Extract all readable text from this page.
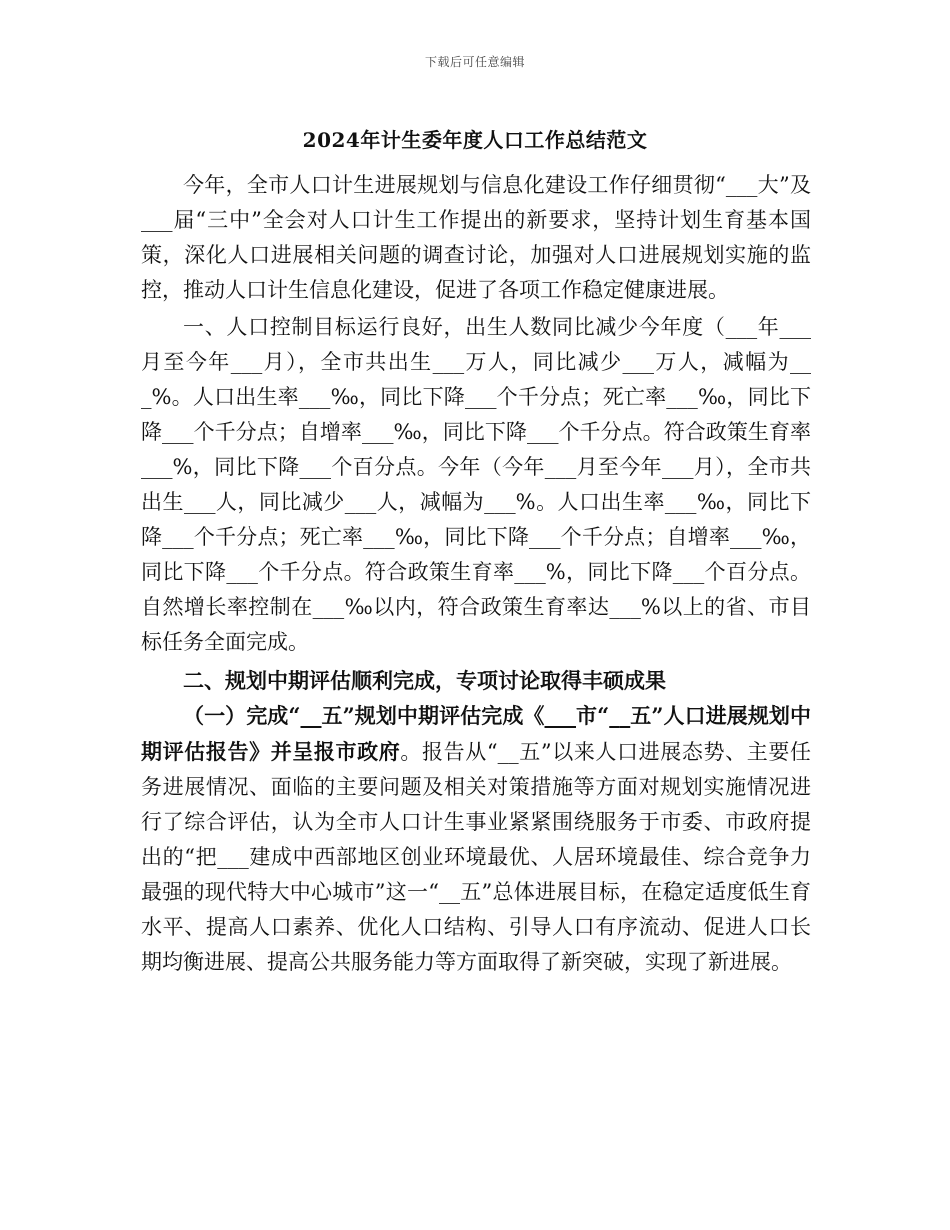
下载后可任意编辑
2024年计生委年度人口工作总结范文

今年，全市人口计生进展规划与信息化建设工作仔细贯彻“___大”及___届“三中”全会对人口计生工作提出的新要求，坚持计划生育基本国策，深化人口进展相关问题的调查讨论，加强对人口进展规划实施的监控，推动人口计生信息化建设，促进了各项工作稳定健康进展。

一、人口控制目标运行良好，出生人数同比减少今年度（___年___月至今年___月），全市共出生___万人，同比减少___万人，减幅为___%。人口出生率___‰，同比下降___个千分点；死亡率___‰，同比下降___个千分点；自增率___‰，同比下降___个千分点。符合政策生育率___%，同比下降___个百分点。今年（今年___月至今年___月），全市共出生___人，同比减少___人，减幅为___%。人口出生率___‰，同比下降___个千分点；死亡率___‰，同比下降___个千分点；自增率___‰，同比下降___个千分点。符合政策生育率___%，同比下降___个百分点。自然增长率控制在___‰以内，符合政策生育率达___%以上的省、市目标任务全面完成。

二、规划中期评估顺利完成，专项讨论取得丰硕成果

（一）完成“__五”规划中期评估完成《___市“__五”人口进展规划中期评估报告》并呈报市政府。报告从“__五”以来人口进展态势、主要任务进展情况、面临的主要问题及相关对策措施等方面对规划实施情况进行了综合评估，认为全市人口计生事业紧紧围绕服务于市委、市政府提出的“把___建成中西部地区创业环境最优、人居环境最佳、综合竞争力最强的现代特大中心城市”这一“__五”总体进展目标，在稳定适度低生育水平、提高人口素养、优化人口结构、引导人口有序流动、促进人口长期均衡进展、提高公共服务能力等方面取得了新突破，实现了新进展。
